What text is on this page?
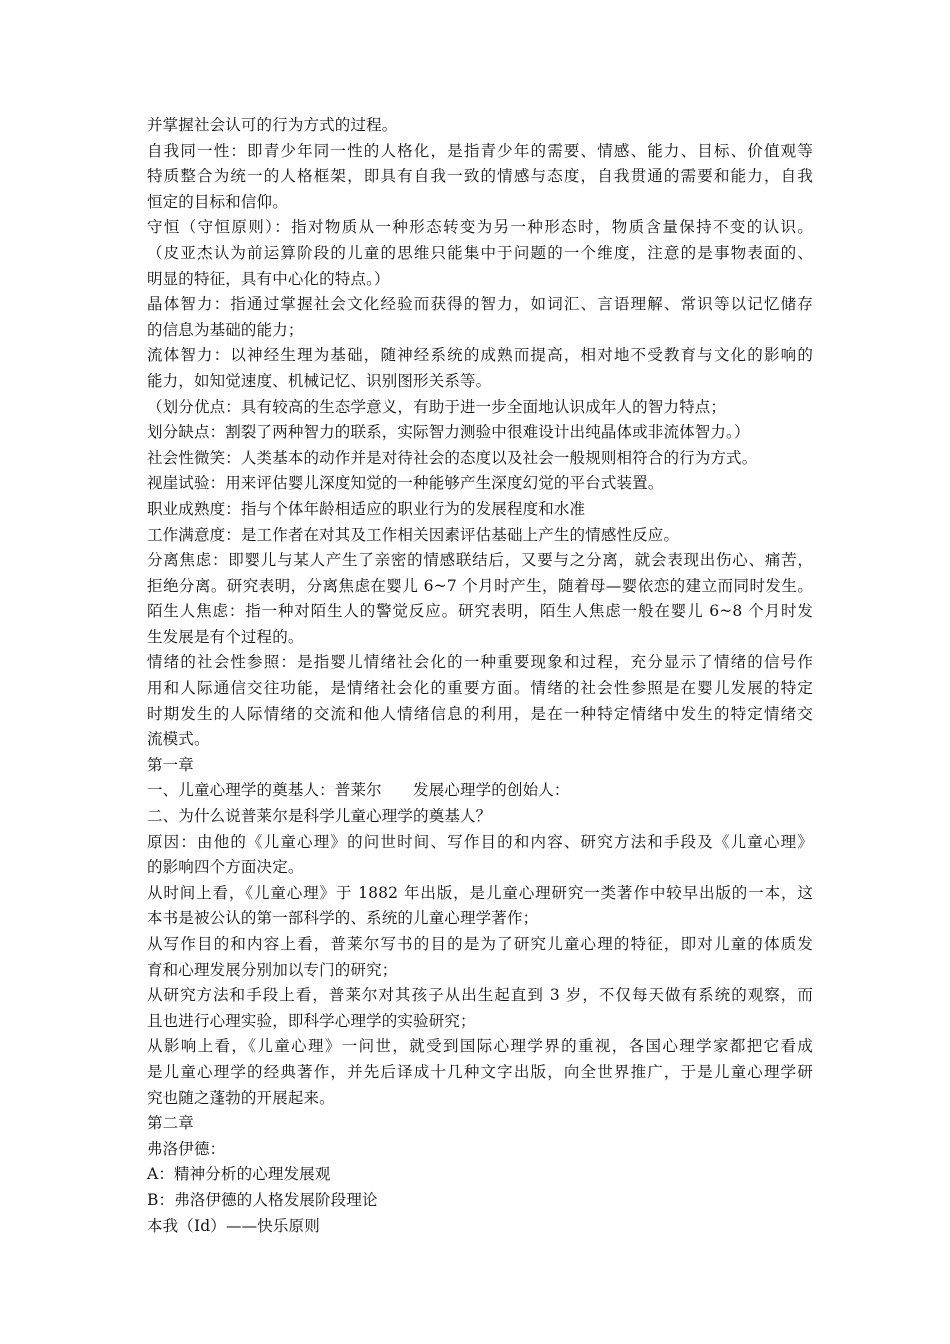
并掌握社会认可的行为方式的过程。
自我同一性：即青少年同一性的人格化，是指青少年的需要、情感、能力、目标、价值观等
特质整合为统一的人格框架，即具有自我一致的情感与态度，自我贯通的需要和能力，自我
恒定的目标和信仰。
守恒（守恒原则）：指对物质从一种形态转变为另一种形态时，物质含量保持不变的认识。
（皮亚杰认为前运算阶段的儿童的思维只能集中于问题的一个维度，注意的是事物表面的、
明显的特征，具有中心化的特点。）
晶体智力：指通过掌握社会文化经验而获得的智力，如词汇、言语理解、常识等以记忆储存
的信息为基础的能力；
流体智力：以神经生理为基础，随神经系统的成熟而提高，相对地不受教育与文化的影响的
能力，如知觉速度、机械记忆、识别图形关系等。
（划分优点：具有较高的生态学意义，有助于进一步全面地认识成年人的智力特点；
划分缺点：割裂了两种智力的联系，实际智力测验中很难设计出纯晶体或非流体智力。）
社会性微笑：人类基本的动作并是对待社会的态度以及社会一般规则相符合的行为方式。
视崖试验：用来评估婴儿深度知觉的一种能够产生深度幻觉的平台式装置。
职业成熟度：指与个体年龄相适应的职业行为的发展程度和水准
工作满意度：是工作者在对其及工作相关因素评估基础上产生的情感性反应。
分离焦虑：即婴儿与某人产生了亲密的情感联结后，又要与之分离，就会表现出伤心、痛苦，
拒绝分离。研究表明，分离焦虑在婴儿 6~7 个月时产生，随着母—婴依恋的建立而同时发生。
陌生人焦虑：指一种对陌生人的警觉反应。研究表明，陌生人焦虑一般在婴儿 6~8 个月时发
生发展是有个过程的。
情绪的社会性参照：是指婴儿情绪社会化的一种重要现象和过程，充分显示了情绪的信号作
用和人际通信交往功能，是情绪社会化的重要方面。情绪的社会性参照是在婴儿发展的特定
时期发生的人际情绪的交流和他人情绪信息的利用，是在一种特定情绪中发生的特定情绪交
流模式。
第一章
一、儿童心理学的奠基人：普莱尔　　发展心理学的创始人：
二、为什么说普莱尔是科学儿童心理学的奠基人？
原因：由他的《儿童心理》的问世时间、写作目的和内容、研究方法和手段及《儿童心理》
的影响四个方面决定。
从时间上看，《儿童心理》于 1882 年出版，是儿童心理研究一类著作中较早出版的一本，这
本书是被公认的第一部科学的、系统的儿童心理学著作；
从写作目的和内容上看，普莱尔写书的目的是为了研究儿童心理的特征，即对儿童的体质发
育和心理发展分别加以专门的研究；
从研究方法和手段上看，普莱尔对其孩子从出生起直到 3 岁，不仅每天做有系统的观察，而
且也进行心理实验，即科学心理学的实验研究；
从影响上看，《儿童心理》一问世，就受到国际心理学界的重视，各国心理学家都把它看成
是儿童心理学的经典著作，并先后译成十几种文字出版，向全世界推广，于是儿童心理学研
究也随之蓬勃的开展起来。
第二章
弗洛伊德：
A：精神分析的心理发展观
B：弗洛伊德的人格发展阶段理论
本我（Id）——快乐原则
